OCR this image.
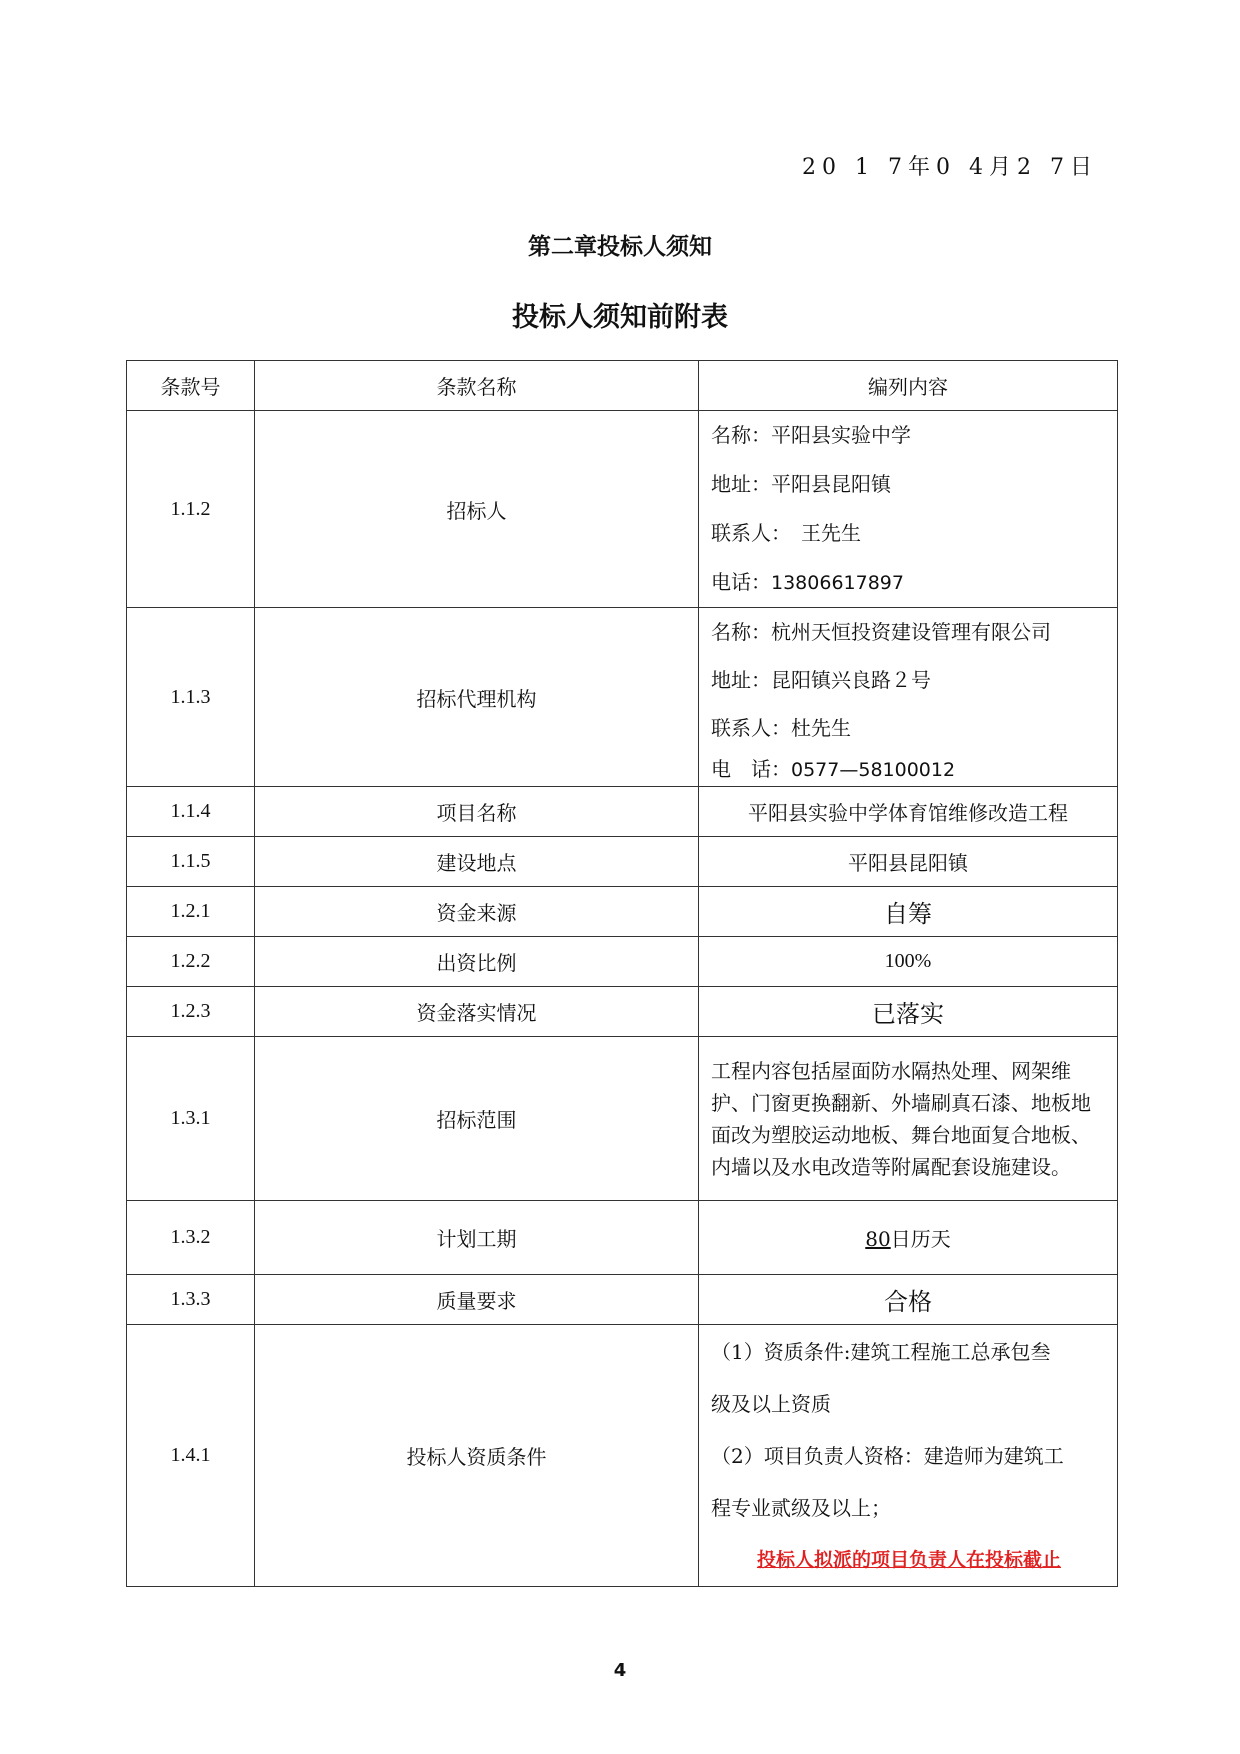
20 1 7年0 4月2 7日
第二章投标人须知
投标人须知前附表
条款号	条款名称	编列内容
1.1.2	招标人	名称：平阳县实验中学
地址：平阳县昆阳镇
联系人：　王先生
电话：13806617897

1.1.3	招标代理机构	名称：杭州天恒投资建设管理有限公司
地址：昆阳镇兴良路２号
联系人：杜先生
电　话：0577—58100012

1.1.4	项目名称	平阳县实验中学体育馆维修改造工程
1.1.5	建设地点	平阳县昆阳镇
1.2.1	资金来源	自筹
1.2.2	出资比例	100%
1.2.3	资金落实情况	已落实
1.3.1	招标范围	工程内容包括屋面防水隔热处理、网架维护、门窗更换翻新、外墙刷真石漆、地板地面改为塑胶运动地板、舞台地面复合地板、内墙以及水电改造等附属配套设施建设。
1.3.2	计划工期	80日历天
1.3.3	质量要求	合格
1.4.1	投标人资质条件	（1）资质条件:建筑工程施工总承包叁
级及以上资质
（2）项目负责人资格：建造师为建筑工
程专业贰级及以上；
投标人拟派的项目负责人在投标截止
4
